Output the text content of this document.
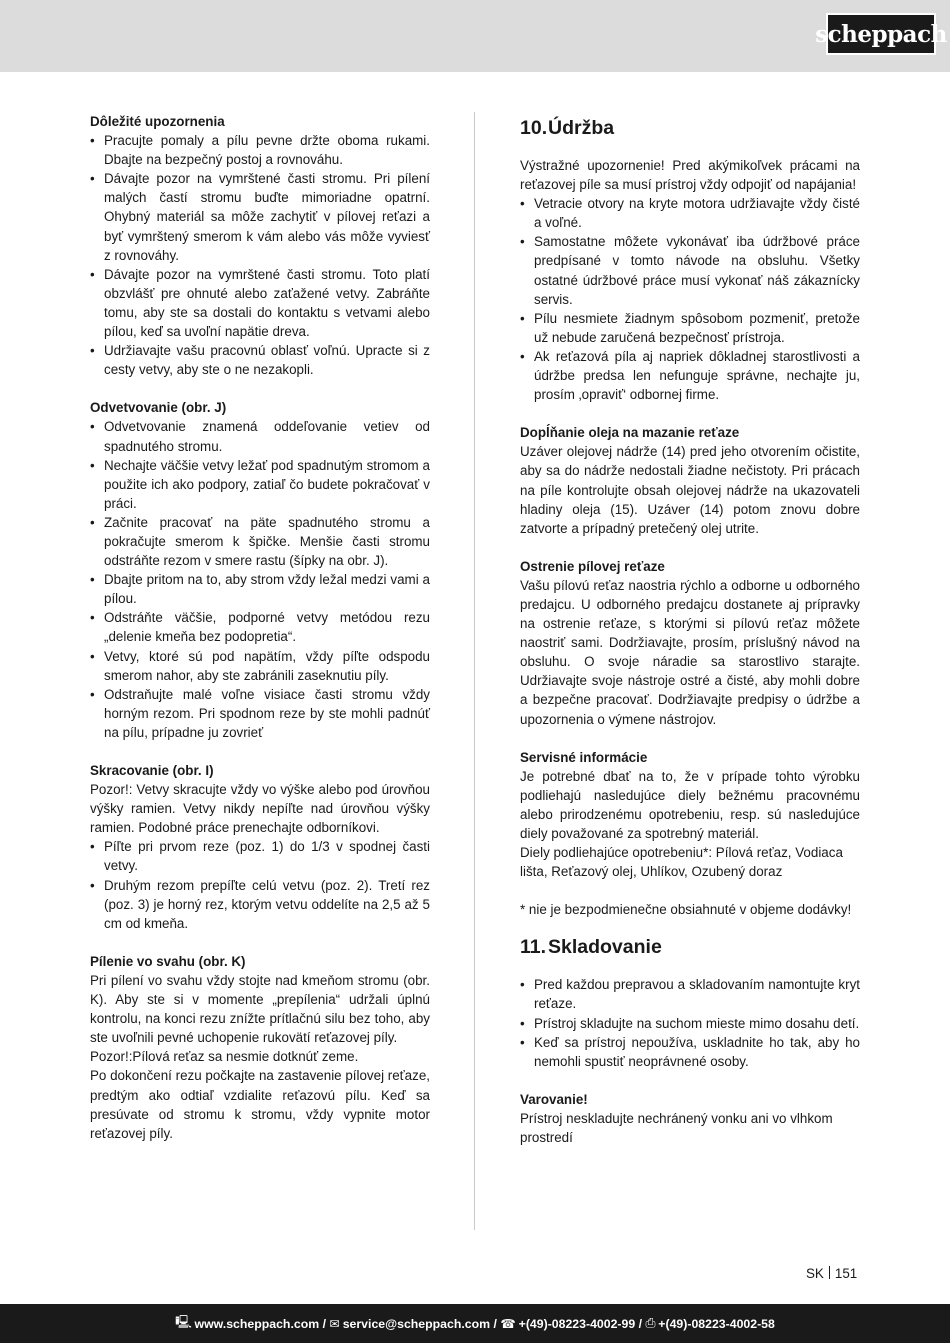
scheppach
Dôležité upozornenia
• Pracujte pomaly a pílu pevne držte oboma rukami. Dbajte na bezpečný postoj a rovnováhu.
• Dávajte pozor na vymrštené časti stromu. Pri pílení malých častí stromu buďte mimoriadne opatrní. Ohybný materiál sa môže zachytiť v pílovej reťazi a byť vymrštený smerom k vám alebo vás môže vyviesť z rovnováhy.
• Dávajte pozor na vymrštené časti stromu. Toto platí obzvlášť pre ohnuté alebo zaťažené vetvy. Zabráňte tomu, aby ste sa dostali do kontaktu s vetvami alebo pílou, keď sa uvoľní napätie dreva.
• Udržiavajte vašu pracovnú oblasť voľnú. Upracte si z cesty vetvy, aby ste o ne nezakopli.
Odvetvovanie (obr. J)
• Odvetvovanie znamená oddeľovanie vetiev od spadnutého stromu.
• Nechajte väčšie vetvy ležať pod spadnutým stromom a použite ich ako podpory, zatiaľ čo budete pokračovať v práci.
• Začnite pracovať na päte spadnutého stromu a pokračujte smerom k špičke. Menšie časti stromu odstráňte rezom v smere rastu (šípky na obr. J).
• Dbajte pritom na to, aby strom vždy ležal medzi vami a pílou.
• Odstráňte väčšie, podporné vetvy metódou rezu „delenie kmeňa bez podopretia“.
• Vetvy, ktoré sú pod napätím, vždy píľte odspodu smerom nahor, aby ste zabránili zaseknutiu píly.
• Odstraňujte malé voľne visiace časti stromu vždy horným rezom. Pri spodnom reze by ste mohli padnúť na pílu, prípadne ju zovrieť
Skracovanie (obr. I)

Pozor!: Vetvy skracujte vždy vo výške alebo pod úrovňou výšky ramien. Vetvy nikdy nepíľte nad úrovňou výšky ramien. Podobné práce prenechajte odborníkovi.

• Píľte pri prvom reze (poz. 1) do 1/3 v spodnej časti vetvy.
• Druhým rezom prepíľte celú vetvu (poz. 2). Tretí rez (poz. 3) je horný rez, ktorým vetvu oddelíte na 2,5 až 5 cm od kmeňa.
Pílenie vo svahu (obr. K)

Pri pílení vo svahu vždy stojte nad kmeňom stromu (obr. K). Aby ste si v momente „prepílenia“ udržali úplnú kontrolu, na konci rezu znížte prítlačnú silu bez toho, aby ste uvoľnili pevné uchopenie rukovätí reťazovej píly.

Pozor!:Pílová reťaz sa nesmie dotknúť zeme.

Po dokončení rezu počkajte na zastavenie pílovej reťaze, predtým ako odtiaľ vzdialite reťazovú pílu. Keď sa presúvate od stromu k stromu, vždy vypnite motor reťazovej píly.

10.Údržba

Výstražné upozornenie! Pred akýmikoľvek prácami na reťazovej píle sa musí prístroj vždy odpojiť od napájania!

• Vetracie otvory na kryte motora udržiavajte vždy čisté a voľné.
• Samostatne môžete vykonávať iba údržbové práce predpísané v tomto návode na obsluhu. Všetky ostatné údržbové práce musí vykonať náš zákaznícky servis.
• Pílu nesmiete žiadnym spôsobom pozmeniť, pretože už nebude zaručená bezpečnosť prístroja.
• Ak reťazová píla aj napriek dôkladnej starostlivosti a údržbe predsa len nefunguje správne, nechajte ju, prosím ‚opraviť‘ odbornej firme.
Dopĺňanie oleja na mazanie reťaze

Uzáver olejovej nádrže (14) pred jeho otvorením očistite, aby sa do nádrže nedostali žiadne nečistoty. Pri prácach na píle kontrolujte obsah olejovej nádrže na ukazovateli hladiny oleja (15). Uzáver (14) potom znovu dobre zatvorte a prípadný pretečený olej utrite.

Ostrenie pílovej reťaze

Vašu pílovú reťaz naostria rýchlo a odborne u odborného predajcu. U odborného predajcu dostanete aj prípravky na ostrenie reťaze, s ktorými si pílovú reťaz môžete naostriť sami. Dodržiavajte, prosím, príslušný návod na obsluhu. O svoje náradie sa starostlivo starajte. Udržiavajte svoje nástroje ostré a čisté, aby mohli dobre a bezpečne pracovať. Dodržiavajte predpisy o údržbe a upozornenia o výmene nástrojov.

Servisné informácie

Je potrebné dbať na to, že v prípade tohto výrobku podliehajú nasledujúce diely bežnému pracovnému alebo prirodzenému opotrebeniu, resp. sú nasledujúce diely považované za spotrebný materiál.

Diely podliehajúce opotrebeniu*: Pílová reťaz, Vodiaca lišta, Reťazový olej, Uhlíkov, Ozubený doraz

* nie je bezpodmienečne obsiahnuté v objeme dodávky!

11. Skladovanie
• Pred každou prepravou a skladovaním namontujte kryt reťaze.
• Prístroj skladujte na suchom mieste mimo dosahu detí.
• Keď sa prístroj nepoužíva, uskladnite ho tak, aby ho nemohli spustiť neoprávnené osoby.
Varovanie!

Prístroj neskladujte nechránený vonku ani vo vlhkom prostredí

SK 151
🖳 www.scheppach.com / ✉ service@scheppach.com / ☎ +(49)-08223-4002-99 / ⎙ +(49)-08223-4002-58
